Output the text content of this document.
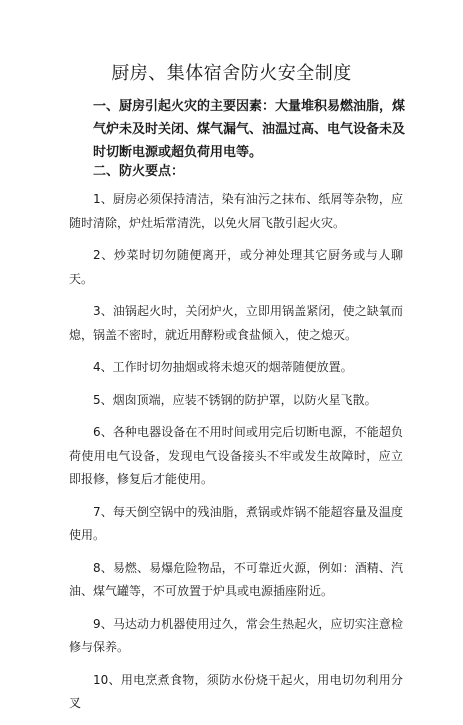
厨房、集体宿舍防火安全制度
一、厨房引起火灾的主要因素：大量堆积易燃油脂，煤气炉未及时关闭、煤气漏气、油温过高、电气设备未及时切断电源或超负荷用电等。
二、防火要点：

1、厨房必须保持清洁，染有油污之抹布、纸屑等杂物，应随时清除，炉灶垢常清洗，以免火屑飞散引起火灾。

2、炒菜时切勿随便离开，或分神处理其它厨务或与人聊天。

3、油锅起火时，关闭炉火，立即用锅盖紧闭，使之缺氧而熄，锅盖不密时，就近用酵粉或食盐倾入，使之熄灭。

4、工作时切勿抽烟或将未熄灭的烟蒂随便放置。

5、烟囱顶端，应装不锈钢的防护罩，以防火星飞散。

6、各种电器设备在不用时间或用完后切断电源，不能超负荷使用电气设备，发现电气设备接头不牢或发生故障时，应立即报修，修复后才能使用。

7、每天倒空锅中的残油脂，煮锅或炸锅不能超容量及温度使用。

8、易燃、易爆危险物品，不可靠近火源，例如：酒精、汽油、煤气罐等，不可放置于炉具或电源插座附近。

9、马达动力机器使用过久，常会生热起火，应切实注意检修与保养。

10、用电烹煮食物，须防水份烧干起火，用电切勿利用分叉
